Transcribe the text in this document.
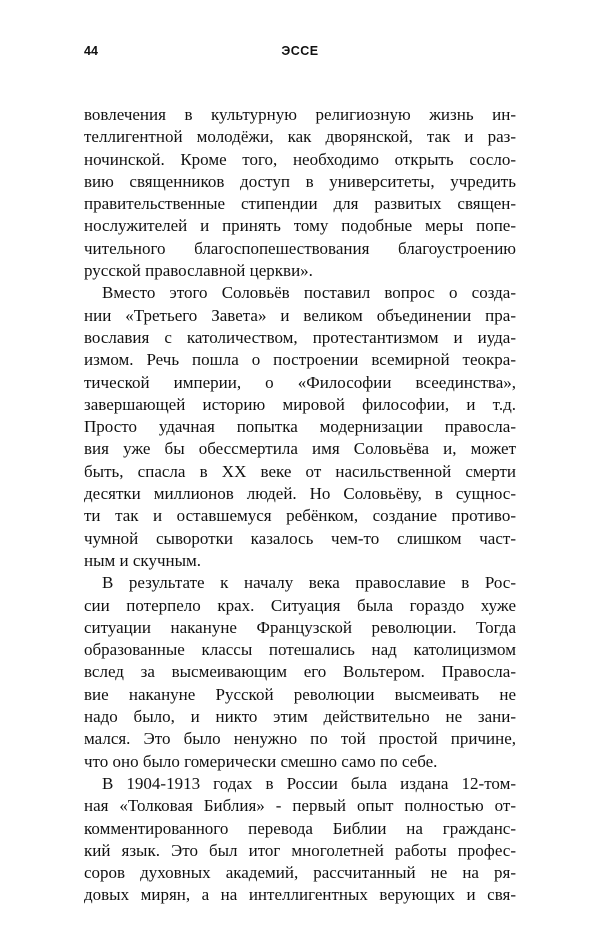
44	ЭССЕ
вовлечения в культурную религиозную жизнь ин-
теллигентной молодёжи, как дворянской, так и раз-
ночинской. Кроме того, необходимо открыть сосло-
вию священников доступ в университеты, учредить
правительственные стипендии для развитых священ-
нослужителей и принять тому подобные меры попе-
чительного благоспопешествования благоустроению
русской православной церкви».
Вместо этого Соловьёв поставил вопрос о созда-
нии «Третьего Завета» и великом объединении пра-
вославия с католичеством, протестантизмом и иуда-
измом. Речь пошла о построении всемирной теокра-
тической империи, о «Философии всеединства»,
завершающей историю мировой философии, и т.д.
Просто удачная попытка модернизации правосла-
вия уже бы обессмертила имя Соловьёва и, может
быть, спасла в XX веке от насильственной смерти
десятки миллионов людей. Но Соловьёву, в сущнос-
ти так и оставшемуся ребёнком, создание противо-
чумной сыворотки казалось чем-то слишком част-
ным и скучным.
В результате к началу века православие в Рос-
сии потерпело крах. Ситуация была гораздо хуже
ситуации накануне Французской революции. Тогда
образованные классы потешались над католицизмом
вслед за высмеивающим его Вольтером. Правосла-
вие накануне Русской революции высмеивать не
надо было, и никто этим действительно не зани-
мался. Это было ненужно по той простой причине,
что оно было гомерически смешно само по себе.
В 1904-1913 годах в России была издана 12-том-
ная «Толковая Библия» - первый опыт полностью от-
комментированного перевода Библии на гражданс-
кий язык. Это был итог многолетней работы профес-
соров духовных академий, рассчитанный не на ря-
довых мирян, а на интеллигентных верующих и свя-
